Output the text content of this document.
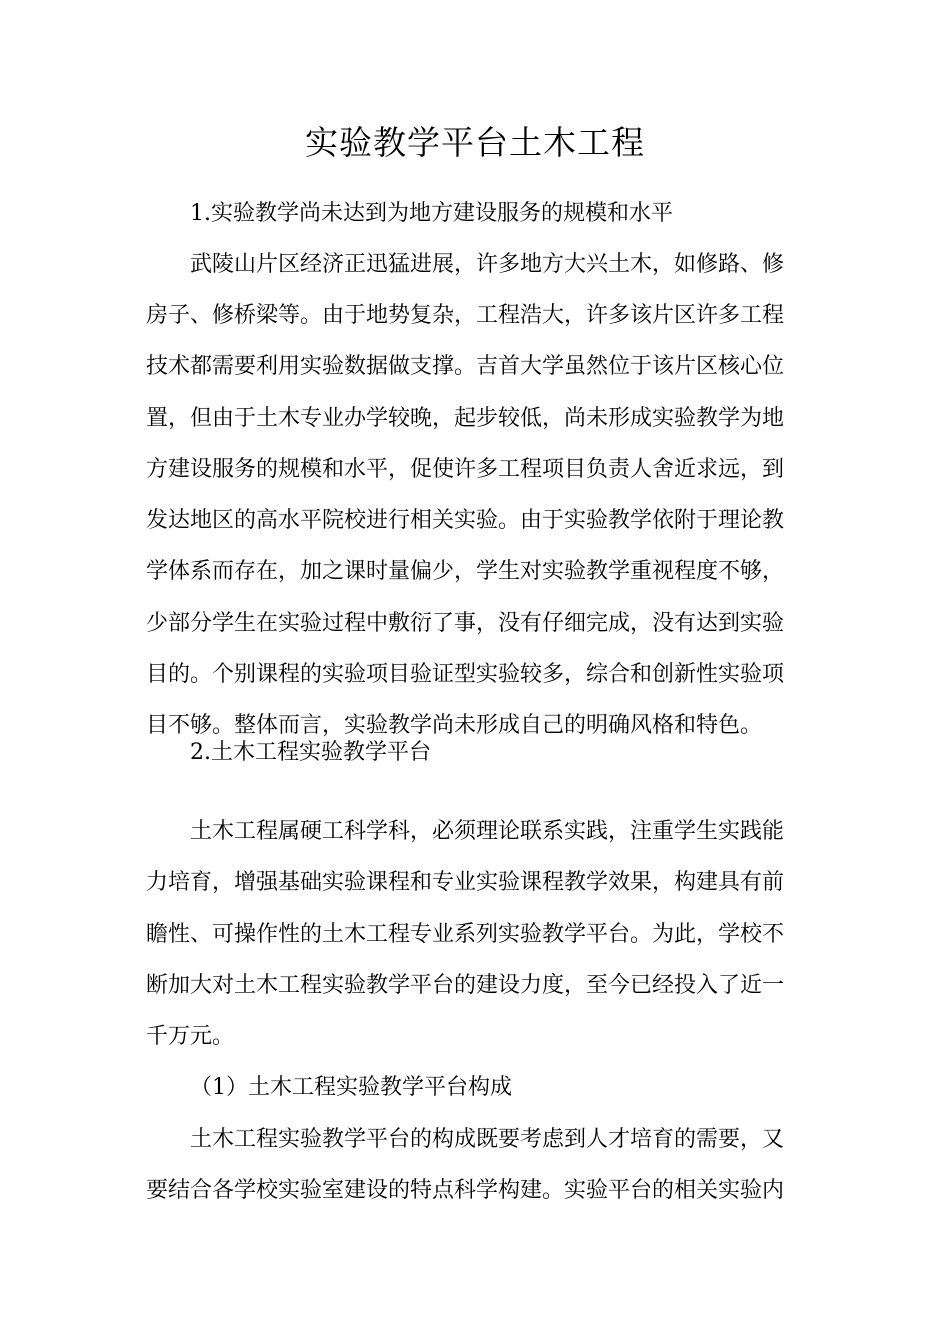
实验教学平台土木工程
1.实验教学尚未达到为地方建设服务的规模和水平
武陵山片区经济正迅猛进展，许多地方大兴土木，如修路、修
房子、修桥梁等。由于地势复杂，工程浩大，许多该片区许多工程
技术都需要利用实验数据做支撑。吉首大学虽然位于该片区核心位
置，但由于土木专业办学较晚，起步较低，尚未形成实验教学为地
方建设服务的规模和水平，促使许多工程项目负责人舍近求远，到
发达地区的高水平院校进行相关实验。由于实验教学依附于理论教
学体系而存在，加之课时量偏少，学生对实验教学重视程度不够，
少部分学生在实验过程中敷衍了事，没有仔细完成，没有达到实验
目的。个别课程的实验项目验证型实验较多，综合和创新性实验项
目不够。整体而言，实验教学尚未形成自己的明确风格和特色。
2.土木工程实验教学平台
土木工程属硬工科学科，必须理论联系实践，注重学生实践能
力培育，增强基础实验课程和专业实验课程教学效果，构建具有前
瞻性、可操作性的土木工程专业系列实验教学平台。为此，学校不
断加大对土木工程实验教学平台的建设力度，至今已经投入了近一
千万元。
（1）土木工程实验教学平台构成
土木工程实验教学平台的构成既要考虑到人才培育的需要，又
要结合各学校实验室建设的特点科学构建。实验平台的相关实验内
